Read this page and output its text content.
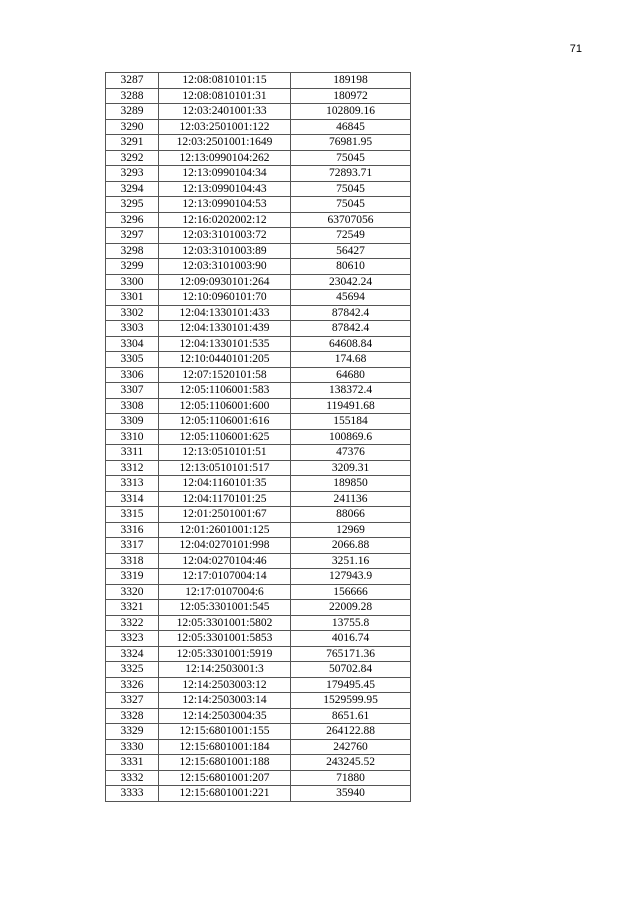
71
3287	12:08:0810101:15	189198
3288	12:08:0810101:31	180972
3289	12:03:2401001:33	102809.16
3290	12:03:2501001:122	46845
3291	12:03:2501001:1649	76981.95
3292	12:13:0990104:262	75045
3293	12:13:0990104:34	72893.71
3294	12:13:0990104:43	75045
3295	12:13:0990104:53	75045
3296	12:16:0202002:12	63707056
3297	12:03:3101003:72	72549
3298	12:03:3101003:89	56427
3299	12:03:3101003:90	80610
3300	12:09:0930101:264	23042.24
3301	12:10:0960101:70	45694
3302	12:04:1330101:433	87842.4
3303	12:04:1330101:439	87842.4
3304	12:04:1330101:535	64608.84
3305	12:10:0440101:205	174.68
3306	12:07:1520101:58	64680
3307	12:05:1106001:583	138372.4
3308	12:05:1106001:600	119491.68
3309	12:05:1106001:616	155184
3310	12:05:1106001:625	100869.6
3311	12:13:0510101:51	47376
3312	12:13:0510101:517	3209.31
3313	12:04:1160101:35	189850
3314	12:04:1170101:25	241136
3315	12:01:2501001:67	88066
3316	12:01:2601001:125	12969
3317	12:04:0270101:998	2066.88
3318	12:04:0270104:46	3251.16
3319	12:17:0107004:14	127943.9
3320	12:17:0107004:6	156666
3321	12:05:3301001:545	22009.28
3322	12:05:3301001:5802	13755.8
3323	12:05:3301001:5853	4016.74
3324	12:05:3301001:5919	765171.36
3325	12:14:2503001:3	50702.84
3326	12:14:2503003:12	179495.45
3327	12:14:2503003:14	1529599.95
3328	12:14:2503004:35	8651.61
3329	12:15:6801001:155	264122.88
3330	12:15:6801001:184	242760
3331	12:15:6801001:188	243245.52
3332	12:15:6801001:207	71880
3333	12:15:6801001:221	35940
